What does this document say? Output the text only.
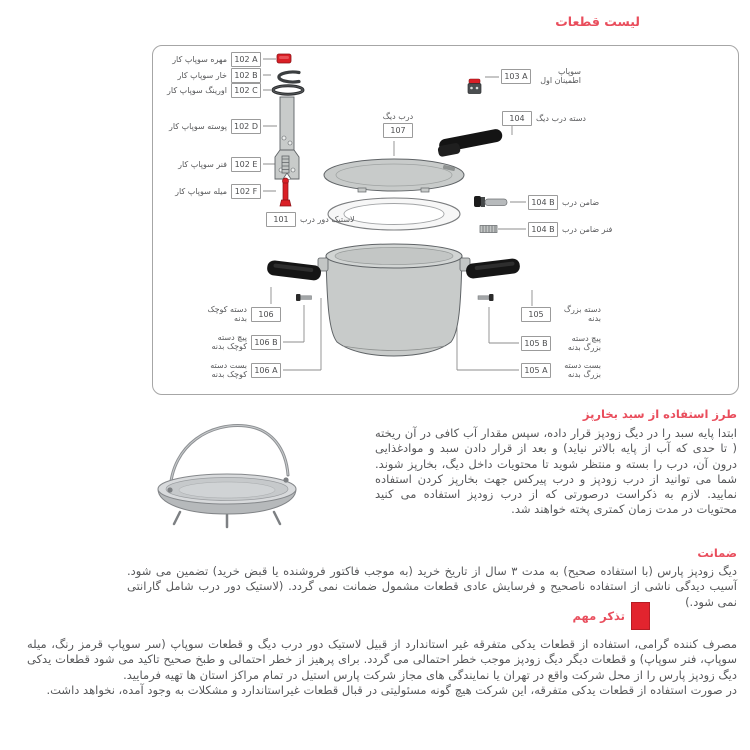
لیست قطعات
مهره سوپاپ کار 102 A
خار سوپاپ کار 102 B
اورینگ سوپاپ کار 102 C
پوسته سوپاپ کار 102 D
فنر سوپاپ کار 102 E
میله سوپاپ کار 102 F
101	لاستیک دور درب
103 A
سوپاپ اطمینان اول
104	دسته درب دیگ
104 B ضامن درب
104 B فنر ضامن درب
درب دیگ
107
دسته کوچک بدنه	106
پیچ دسته کوچک بدنه 106 B
بست دسته کوچک بدنه 106 A
105
دسته بزرگ بدنه
105 B
پیچ دسته بزرگ بدنه
105 A
بست دسته بزرگ بدنه
طرز استفاده از سبد بخارپز
ابتدا پایه سبد را در دیگ زودپز قرار داده، سپس مقدار آب کافی در آن ریخته ( تا حدی که آب از پایه بالاتر نیاید) و بعد از قرار دادن سبد و موادغذایی درون آن، درب را بسته و منتظر شوید تا محتویات داخل دیگ، بخارپز شوند. شما می توانید از درب زودپز و درب پیرکس جهت بخارپز کردن استفاده نمایید. لازم به ذکراست درصورتی که از درب زودپز استفاده می کنید محتویات در مدت زمان کمتری پخته خواهند شد.
ضمانت
دیگ زودپز پارس (با استفاده صحیح) به مدت ۳ سال از تاریخ خرید (به موجب فاکتور فروشنده یا قبض خرید) تضمین می شود. آسیب دیدگی ناشی از استفاده ناصحیح و فرسایش عادی قطعات مشمول ضمانت نمی گردد. (لاستیک دور درب شامل گارانتی نمی شود.)
تذکر مهم

مصرف کننده گرامی، استفاده از قطعات یدکی متفرقه غیر استاندارد از قبیل لاستیک دور درب دیگ و قطعات سوپاپ (سر سوپاپ قرمز رنگ، میله سوپاپ، فنر سوپاپ) و قطعات دیگر دیگ زودپز موجب خطر احتمالی می گردد. برای پرهیز از خطر احتمالی و طبخ صحیح تاکید می شود قطعات یدکی دیگ زودپز پارس را از محل شرکت واقع در تهران یا نمایندگی های مجاز شرکت پارس استیل در تمام مراکز استان ها تهیه فرمایید.

در صورت استفاده از قطعات یدکی متفرقه، این شرکت هیچ گونه مسئولیتی در قبال قطعات غیراستاندارد و مشکلات به وجود آمده، نخواهد داشت.
